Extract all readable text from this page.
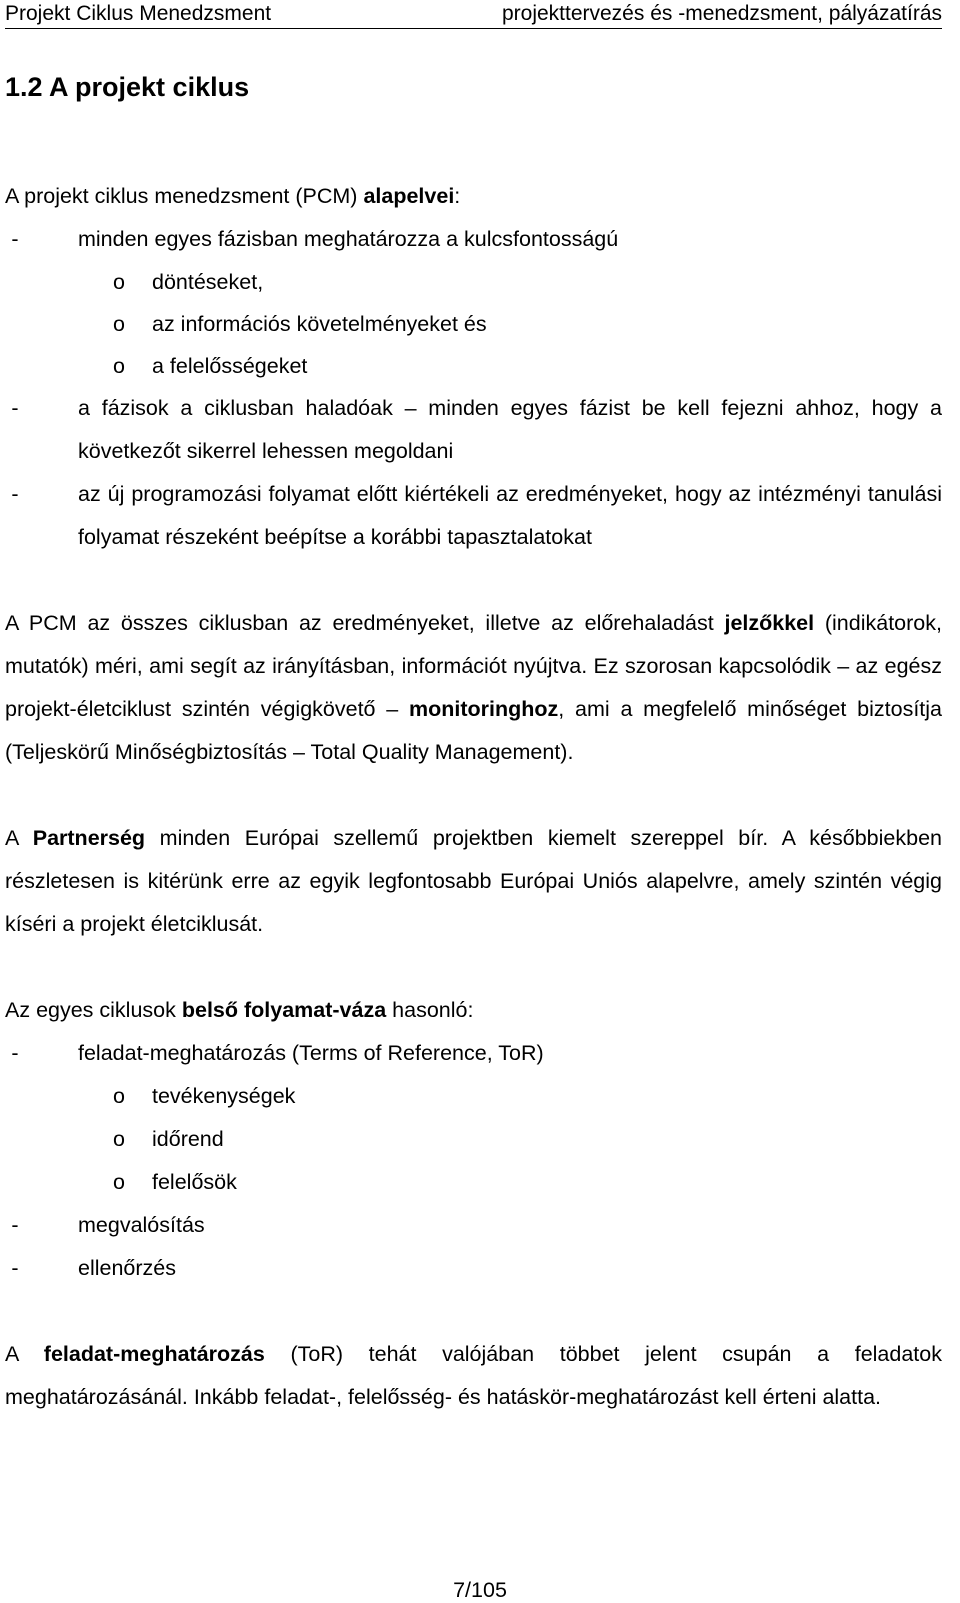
Projekt Ciklus Menedzsment	projekttervezés és -menedzsment, pályázatírás
1.2 A projekt ciklus

A projekt ciklus menedzsment (PCM) alapelvei:

-	minden egyes fázisban meghatározza a kulcsfontosságú
o döntéseket,
o az információs követelményeket és
o a felelősségeket
-	a fázisok a ciklusban haladóak – minden egyes fázist be kell fejezni ahhoz, hogy a következőt sikerrel lehessen megoldani
-	az új programozási folyamat előtt kiértékeli az eredményeket, hogy az intézményi tanulási folyamat részeként beépítse a korábbi tapasztalatokat

A PCM az összes ciklusban az eredményeket, illetve az előrehaladást jelzőkkel (indikátorok, mutatók) méri, ami segít az irányításban, információt nyújtva. Ez szorosan kapcsolódik – az egész projekt-életciklust szintén végigkövető – monitoringhoz, ami a megfelelő minőséget biztosítja (Teljeskörű Minőségbiztosítás – Total Quality Management).

A Partnerség minden Európai szellemű projektben kiemelt szereppel bír. A későbbiekben részletesen is kitérünk erre az egyik legfontosabb Európai Uniós alapelvre, amely szintén végig kíséri a projekt életciklusát.

Az egyes ciklusok belső folyamat-váza hasonló:

-	feladat-meghatározás (Terms of Reference, ToR)
o tevékenységek
o időrend
o felelősök
-	megvalósítás
-	ellenőrzés

A feladat-meghatározás (ToR) tehát valójában többet jelent csupán a feladatok meghatározásánál. Inkább feladat-, felelősség- és hatáskör-meghatározást kell érteni alatta.

7/105
